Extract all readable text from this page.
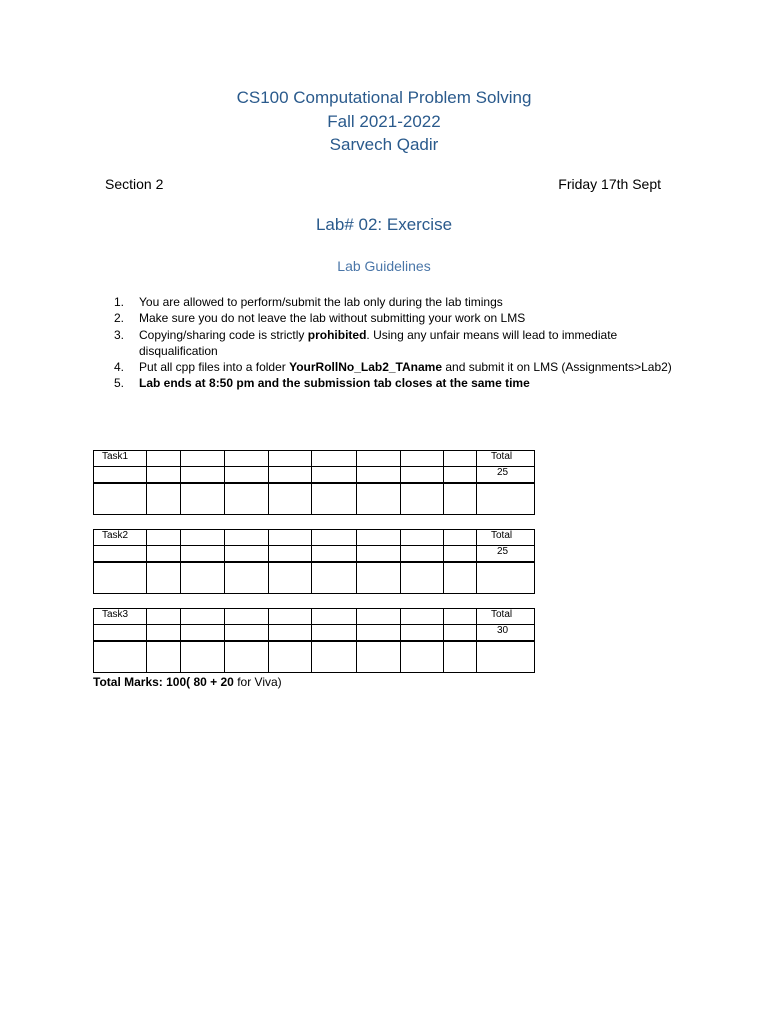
CS100 Computational Problem Solving
Fall 2021-2022
Sarvech Qadir
Section 2	Friday 17th Sept
Lab# 02: Exercise
Lab Guidelines
1. You are allowed to perform/submit the lab only during the lab timings
2. Make sure you do not leave the lab without submitting your work on LMS
3. Copying/sharing code is strictly prohibited. Using any unfair means will lead to immediate disqualification
4. Put all cpp files into a folder YourRollNo_Lab2_TAname and submit it on LMS (Assignments>Lab2)
5. Lab ends at 8:50 pm and the submission tab closes at the same time
Task1									Total
									25

Task2									Total
									25

Task3									Total
									30

Total Marks: 100( 80 + 20 for Viva)
